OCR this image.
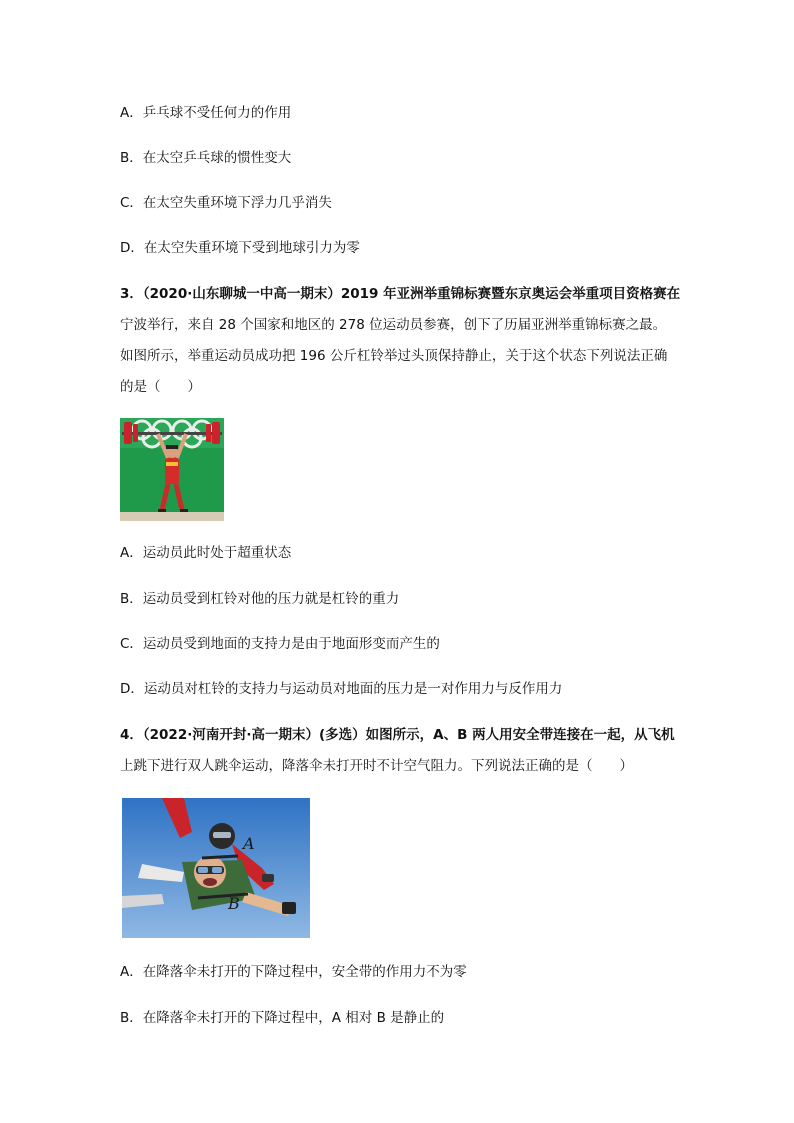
A．乒乓球不受任何力的作用
B．在太空乒乓球的惯性变大
C．在太空失重环境下浮力几乎消失
D．在太空失重环境下受到地球引力为零
3．（2020·山东聊城一中高一期末）2019 年亚洲举重锦标赛暨东京奥运会举重项目资格赛在
宁波举行，来自 28 个国家和地区的 278 位运动员参赛，创下了历届亚洲举重锦标赛之最。
如图所示，举重运动员成功把 196 公斤杠铃举过头顶保持静止，关于这个状态下列说法正确
的是（　　）
A．运动员此时处于超重状态
B．运动员受到杠铃对他的压力就是杠铃的重力
C．运动员受到地面的支持力是由于地面形变而产生的
D．运动员对杠铃的支持力与运动员对地面的压力是一对作用力与反作用力
4．（2022·河南开封·高一期末）(多选）如图所示，A、B 两人用安全带连接在一起，从飞机
上跳下进行双人跳伞运动，降落伞未打开时不计空气阻力。下列说法正确的是（　　）
A
B
A．在降落伞未打开的下降过程中，安全带的作用力不为零
B．在降落伞未打开的下降过程中，A 相对 B 是静止的
